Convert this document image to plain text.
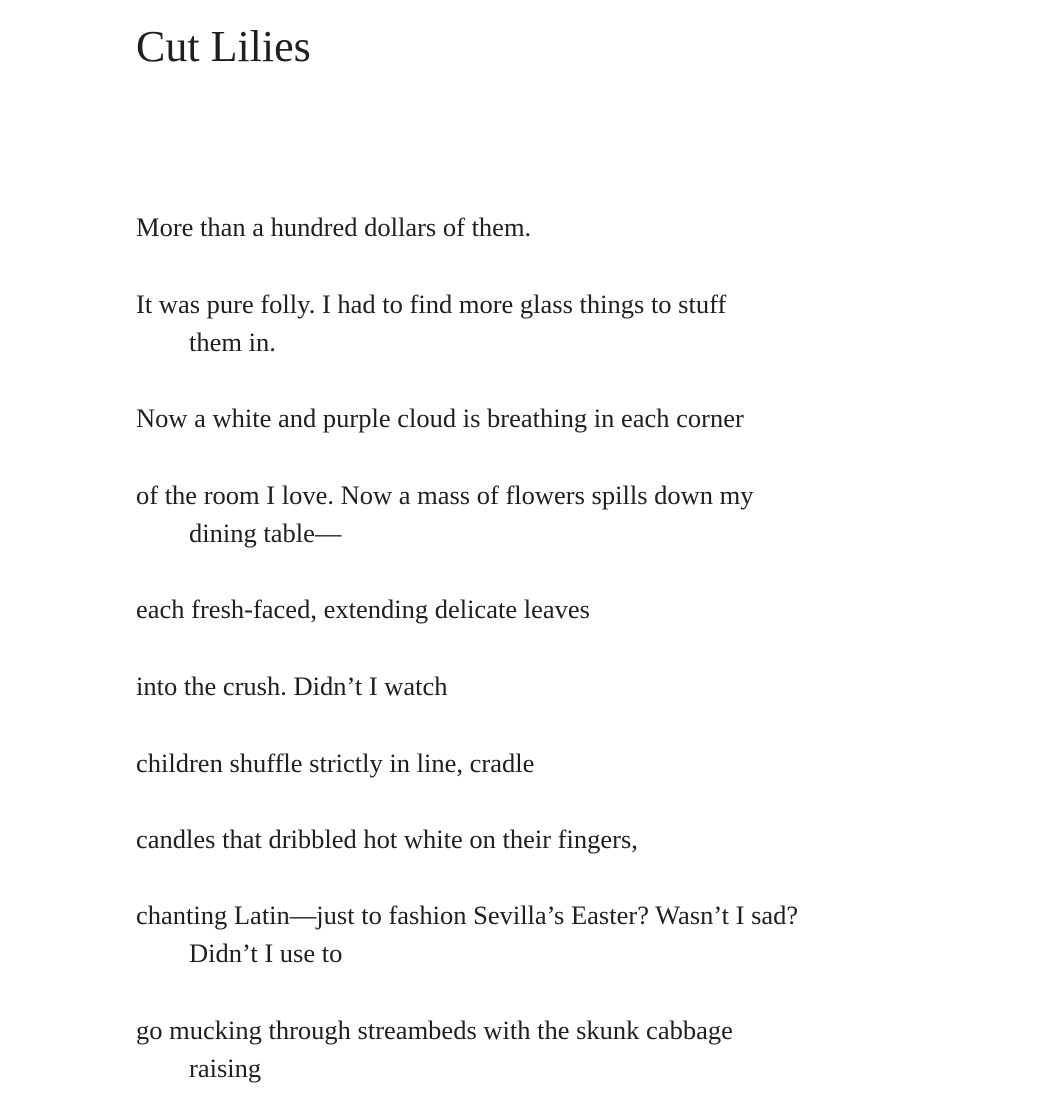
Cut Lilies
More than a hundred dollars of them.
It was pure folly. I had to find more glass things to stuff
them in.
Now a white and purple cloud is breathing in each corner
of the room I love. Now a mass of flowers spills down my
dining table—
each fresh-faced, extending delicate leaves
into the crush. Didn’t I watch
children shuffle strictly in line, cradle
candles that dribbled hot white on their fingers,
chanting Latin—just to fashion Sevilla’s Easter? Wasn’t I sad?
Didn’t I use to
go mucking through streambeds with the skunk cabbage
raising
